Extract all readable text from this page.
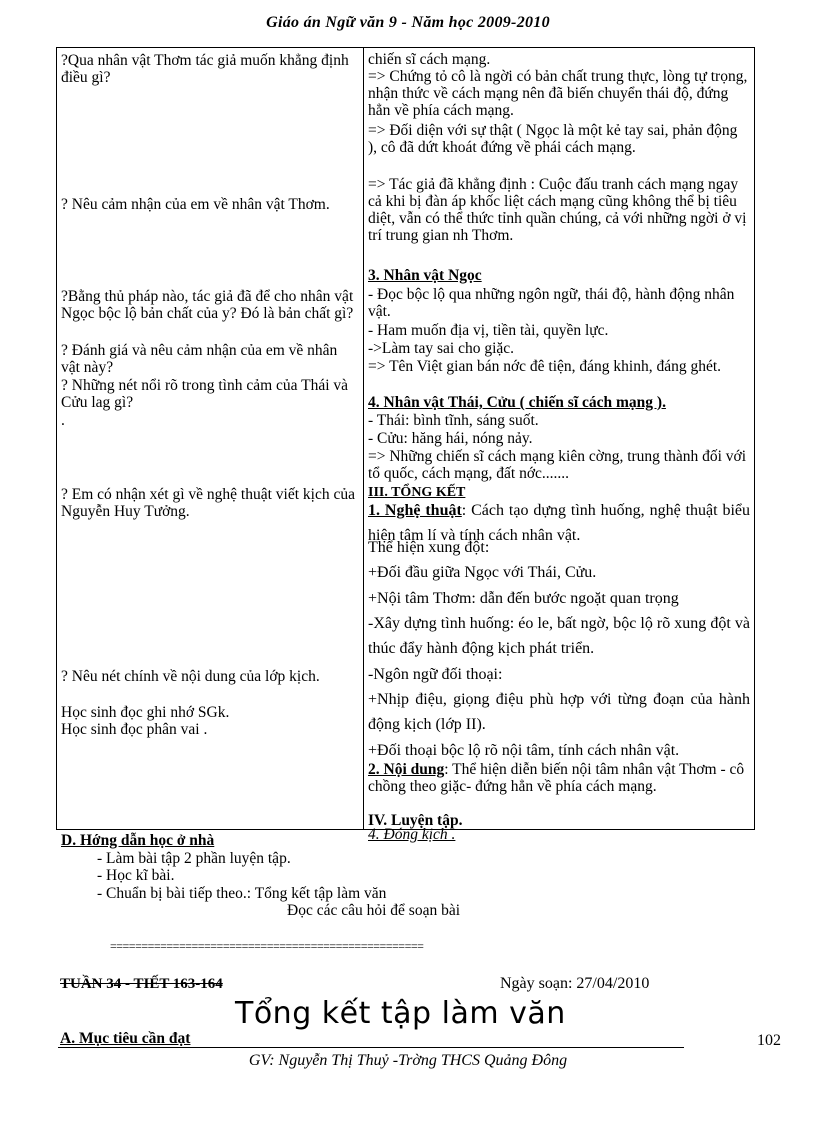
Giáo án Ngữ văn 9 - Năm học 2009-2010
?Qua nhân vật Thơm tác giả muốn khẳng định điều gì?
? Nêu cảm nhận của em về nhân vật Thơm.
?Bằng thủ pháp nào, tác giả đã để cho nhân vật Ngọc bộc lộ bản chất của y? Đó là bản chất gì?
? Đánh giá và nêu cảm nhận của em về nhân vật này?
? Những nét nổi rõ trong tình cảm của Thái và Cửu lag gì?
.
? Em có nhận xét gì về nghệ thuật viết kịch của Nguyễn Huy Tưởng.
? Nêu nét chính về nội dung của lớp kịch.
Học sinh đọc ghi nhớ SGk.
Học sinh đọc phân vai .
chiến sĩ cách mạng.
=> Chứng tỏ cô là ngời có bản chất trung thực, lòng tự trọng, nhận thức về cách mạng nên đã biến chuyển thái độ, đứng hẳn về phía cách mạng.
=> Đối diện với sự thật ( Ngọc là một kẻ tay sai, phản động ), cô đã dứt khoát đứng về phái cách mạng.
=> Tác giả đã khẳng định : Cuộc đấu tranh cách mạng ngay cả khi bị đàn áp khốc liệt cách mạng cũng không thể bị tiêu diệt, vẫn có thể thức tỉnh quần chúng, cả với những ngời ở vị trí trung gian nh Thơm.
3. Nhân vật Ngọc
- Đọc bộc lộ qua những ngôn ngữ, thái độ, hành động nhân vật.
- Ham muốn địa vị, tiền tài, quyền lực.
->Làm tay sai cho giặc.
=> Tên Việt gian bán nớc đê tiện, đáng khinh, đáng ghét.
4. Nhân vật Thái, Cửu ( chiến sĩ cách mạng ).
- Thái: bình tĩnh, sáng suốt.
- Cửu: hăng hái, nóng nảy.
=> Những chiến sĩ cách mạng kiên cờng, trung thành đối với tổ quốc, cách mạng, đất nớc.......
III. TỔNG KẾT
1. Nghệ thuật: Cách tạo dựng tình huống, nghệ thuật biểu hiện tâm lí và tính cách nhân vật.
Thể hiện xung đột:
+Đối đầu giữa Ngọc với Thái, Cửu.
+Nội tâm Thơm: dẫn đến bước ngoặt quan trọng
-Xây dựng tình huống: éo le, bất ngờ, bộc lộ rõ xung đột và thúc đẩy hành động kịch phát triển.
-Ngôn ngữ đối thoại:
+Nhịp điệu, giọng điệu phù hợp với từng đoạn của hành động kịch (lớp II).
+Đối thoại bộc lộ rõ nội tâm, tính cách nhân vật.
2. Nội dung: Thể hiện diễn biến nội tâm nhân vật Thơm - cô chồng theo giặc- đứng hẳn về phía cách mạng.
IV. Luyện tập.
4. Đóng kịch .
D. Hớng dẫn học ở nhà
- Làm bài tập 2 phần luyện tập.
- Học kĩ bài.
- Chuẩn bị bài tiếp theo.: Tổng kết tập làm văn
Đọc các câu hỏi để soạn bài
==================================================
TUẦN 34 - TIẾT 163-164	Ngày soạn: 27/04/2010
Tổng kết tập làm văn
A. Mục tiêu cần đạt	102
GV: Nguyễn Thị Thuỷ -Trờng THCS Quảng Đông
